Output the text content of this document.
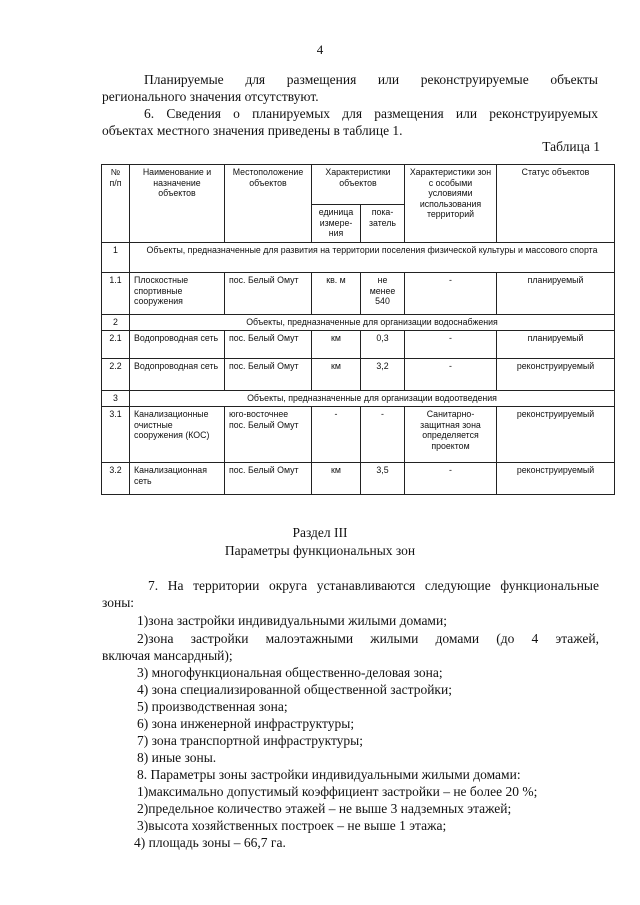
4
Планируемые для размещения или реконструируемые объекты
регионального значения отсутствуют.
6. Сведения о планируемых для размещения или реконструируемых
объектах местного значения приведены в таблице 1.
Таблица 1
№ п/п	Наименование и назначение объектов	Местоположение объектов	Характеристики объектов		Характеристики зон с особыми условиями использования территорий	Статус объектов
			единица измере-ния	пока-затель		
1	Объекты, предназначенные для развития на территории поселения физической культуры и массового спорта					
1.1	Плоскостные спортивные сооружения	пос. Белый Омут	кв. м	не менее 540	-	планируемый
2	Объекты, предназначенные для организации водоснабжения					
2.1	Водопроводная сеть	пос. Белый Омут	км	0,3	-	планируемый
2.2	Водопроводная сеть	пос. Белый Омут	км	3,2	-	реконструируемый
3	Объекты, предназначенные для организации водоотведения					
3.1	Канализационные очистные сооружения (КОС)	юго-восточнее пос. Белый Омут	-	-	Санитарно-защитная зона определяется проектом	реконструируемый
3.2	Канализационная сеть	пос. Белый Омут	км	3,5	-	реконструируемый
Раздел III
Параметры функциональных зон
7. На территории округа устанавливаются следующие функциональные
зоны:
1)зона застройки индивидуальными жилыми домами;
2)зона застройки малоэтажными жилыми домами (до 4 этажей,
включая мансардный);
3) многофункциональная общественно-деловая зона;
4) зона специализированной общественной застройки;
5) производственная зона;
6) зона инженерной инфраструктуры;
7) зона транспортной инфраструктуры;
8) иные зоны.
8. Параметры зоны застройки индивидуальными жилыми домами:
1)максимально допустимый коэффициент застройки – не более 20 %;
2)предельное количество этажей – не выше 3 надземных этажей;
3)высота хозяйственных построек – не выше 1 этажа;
4) площадь зоны – 66,7 га.
